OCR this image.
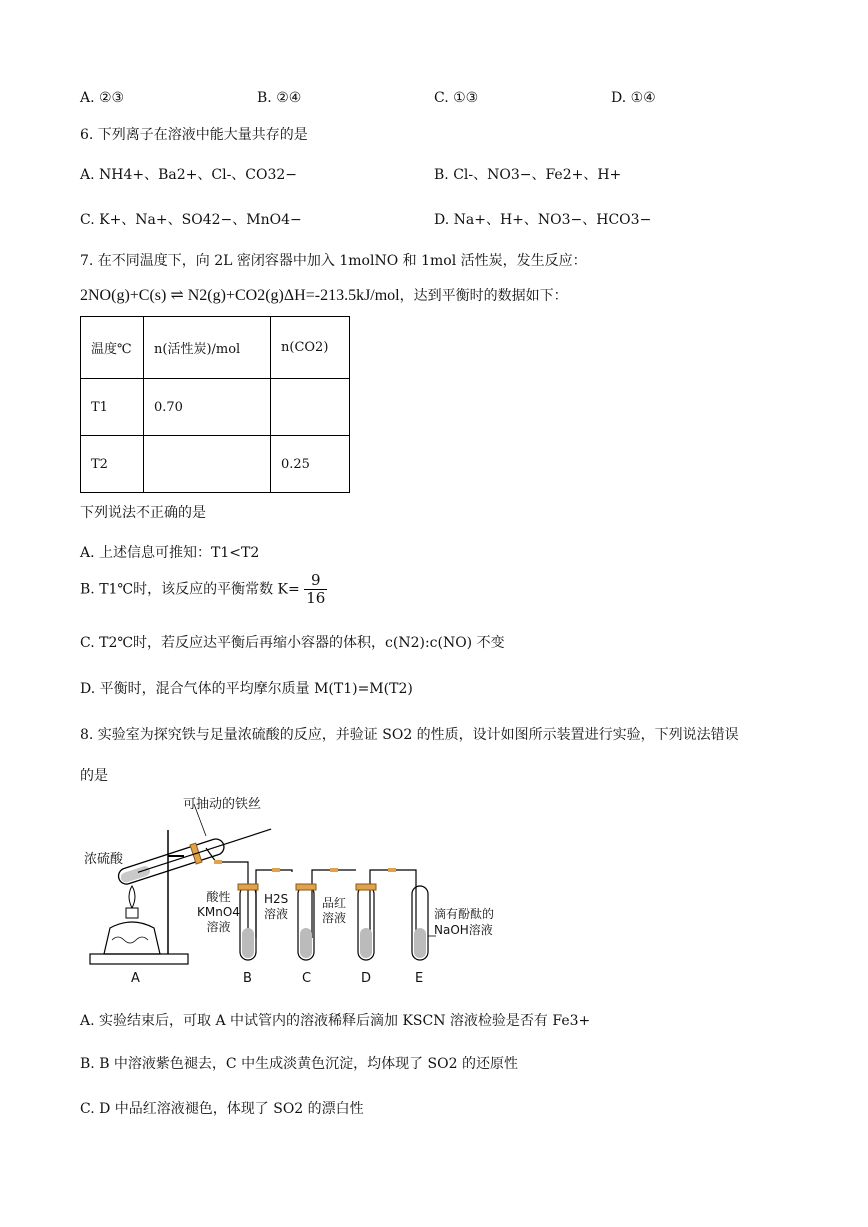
A. ②③	B. ②④	C. ①③	D. ①④
6. 下列离子在溶液中能大量共存的是
A. NH4+、Ba2+、Cl-、CO32−	B. Cl-、NO3−、Fe2+、H+
C. K+、Na+、SO42−、MnO4−	D. Na+、H+、NO3−、HCO3−
7. 在不同温度下，向 2L 密闭容器中加入 1molNO 和 1mol 活性炭，发生反应：
2NO(g)+C(s) ⇌ N2(g)+CO2(g)ΔH=-213.5kJ/mol，达到平衡时的数据如下：
温度℃	n(活性炭)/mol	n(CO2)
T1	0.70	
T2		0.25
下列说法不正确的是
A. 上述信息可推知：T1<T2
B. T1℃时，该反应的平衡常数 $K= \frac{9}{16}$
C. T2℃时，若反应达平衡后再缩小容器的体积，c(N2):c(NO) 不变
D. 平衡时，混合气体的平均摩尔质量 M(T1)=M(T2)
8. 实验室为探究铁与足量浓硫酸的反应，并验证 SO2 的性质，设计如图所示装置进行实验，下列说法错误
的是
可抽动的铁丝
浓硫酸
酸性
KMnO4
溶液
H2S
溶液
品红
溶液	滴有酚酞的
NaOH溶液
A	B	C	D	E
A. 实验结束后，可取 A 中试管内的溶液稀释后滴加 KSCN 溶液检验是否有 Fe3+
B. B 中溶液紫色褪去，C 中生成淡黄色沉淀，均体现了 SO2 的还原性
C. D 中品红溶液褪色，体现了 SO2 的漂白性
